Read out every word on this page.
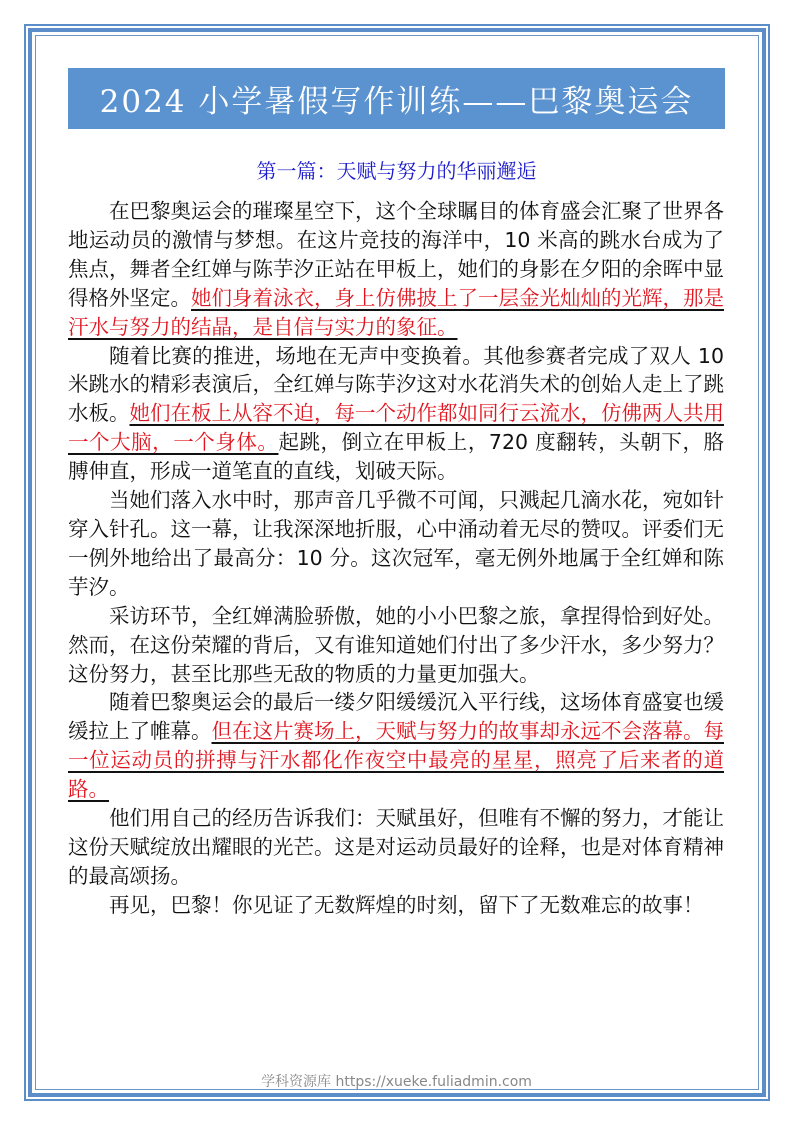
2024 小学暑假写作训练——巴黎奥运会
第一篇：天赋与努力的华丽邂逅

在巴黎奥运会的璀璨星空下，这个全球瞩目的体育盛会汇聚了世界各地运动员的激情与梦想。在这片竞技的海洋中，10 米高的跳水台成为了焦点，舞者全红婵与陈芋汐正站在甲板上，她们的身影在夕阳的余晖中显得格外坚定。她们身着泳衣，身上仿佛披上了一层金光灿灿的光辉，那是汗水与努力的结晶，是自信与实力的象征。

随着比赛的推进，场地在无声中变换着。其他参赛者完成了双人 10 米跳水的精彩表演后，全红婵与陈芋汐这对水花消失术的创始人走上了跳水板。她们在板上从容不迫，每一个动作都如同行云流水，仿佛两人共用一个大脑，一个身体。起跳，倒立在甲板上，720 度翻转，头朝下，胳膊伸直，形成一道笔直的直线，划破天际。

当她们落入水中时，那声音几乎微不可闻，只溅起几滴水花，宛如针穿入针孔。这一幕，让我深深地折服，心中涌动着无尽的赞叹。评委们无一例外地给出了最高分：10 分。这次冠军，毫无例外地属于全红婵和陈芋汐。

采访环节，全红婵满脸骄傲，她的小小巴黎之旅，拿捏得恰到好处。然而，在这份荣耀的背后，又有谁知道她们付出了多少汗水，多少努力？这份努力，甚至比那些无敌的物质的力量更加强大。

随着巴黎奥运会的最后一缕夕阳缓缓沉入平行线，这场体育盛宴也缓缓拉上了帷幕。但在这片赛场上，天赋与努力的故事却永远不会落幕。每一位运动员的拼搏与汗水都化作夜空中最亮的星星，照亮了后来者的道路。

他们用自己的经历告诉我们：天赋虽好，但唯有不懈的努力，才能让这份天赋绽放出耀眼的光芒。这是对运动员最好的诠释，也是对体育精神的最高颂扬。

再见，巴黎！你见证了无数辉煌的时刻，留下了无数难忘的故事！

学科资源库 https://xueke.fuliadmin.com
